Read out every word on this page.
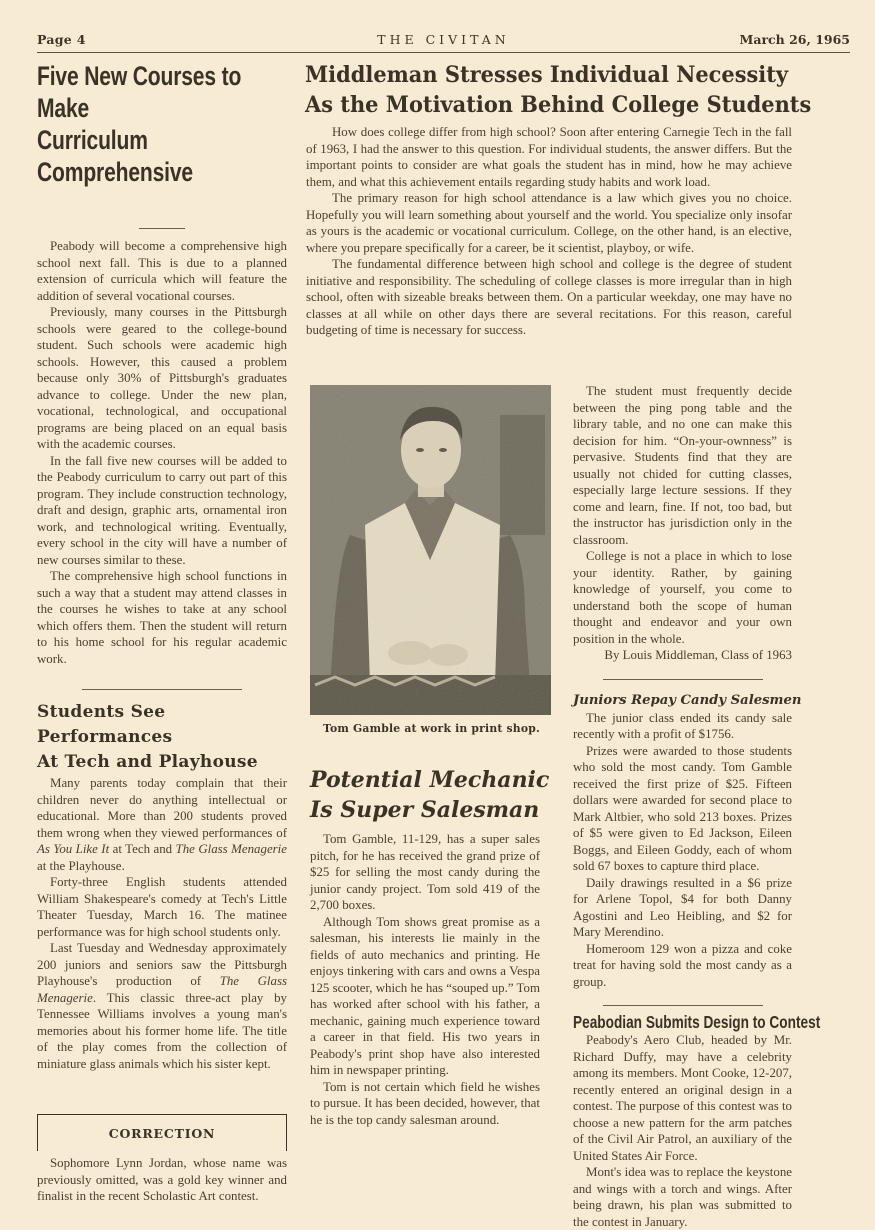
Page 4	THE CIVITAN	March 26, 1965
Five New Courses to Make
Curriculum Comprehensive

Peabody will become a comprehensive high school next fall. This is due to a planned extension of curricula which will feature the addition of several vocational courses.

Previously, many courses in the Pittsburgh schools were geared to the college-bound student. Such schools were academic high schools. However, this caused a problem because only 30% of Pittsburgh's graduates advance to college. Under the new plan, vocational, technological, and occupational programs are being placed on an equal basis with the academic courses.

In the fall five new courses will be added to the Peabody curriculum to carry out part of this program. They include construction technology, draft and design, graphic arts, ornamental iron work, and technological writing. Eventually, every school in the city will have a number of new courses similar to these.

The comprehensive high school functions in such a way that a student may attend classes in the courses he wishes to take at any school which offers them. Then the student will return to his home school for his regular academic work.

Students See Performances
At Tech and Playhouse

Many parents today complain that their children never do anything intellectual or educational. More than 200 students proved them wrong when they viewed performances of As You Like It at Tech and The Glass Menagerie at the Playhouse.

Forty-three English students attended William Shakespeare's comedy at Tech's Little Theater Tuesday, March 16. The matinee performance was for high school students only.

Last Tuesday and Wednesday approximately 200 juniors and seniors saw the Pittsburgh Playhouse's production of The Glass Menagerie. This classic three-act play by Tennessee Williams involves a young man's memories about his former home life. The title of the play comes from the collection of miniature glass animals which his sister kept.

CORRECTION

Sophomore Lynn Jordan, whose name was previously omitted, was a gold key winner and finalist in the recent Scholastic Art contest.

Middleman Stresses Individual Necessity
As the Motivation Behind College Students

How does college differ from high school? Soon after entering Carnegie Tech in the fall of 1963, I had the answer to this question. For individual students, the answer differs. But the important points to consider are what goals the student has in mind, how he may achieve them, and what this achievement entails regarding study habits and work load.

The primary reason for high school attendance is a law which gives you no choice. Hopefully you will learn something about yourself and the world. You specialize only insofar as yours is the academic or vocational curriculum. College, on the other hand, is an elective, where you prepare specifically for a career, be it scientist, playboy, or wife.

The fundamental difference between high school and college is the degree of student initiative and responsibility. The scheduling of college classes is more irregular than in high school, often with sizeable breaks between them. On a particular weekday, one may have no classes at all while on other days there are several recitations. For this reason, careful budgeting of time is necessary for success.

Tom Gamble at work in print shop.
Potential Mechanic
Is Super Salesman

Tom Gamble, 11-129, has a super sales pitch, for he has received the grand prize of $25 for selling the most candy during the junior candy project. Tom sold 419 of the 2,700 boxes.

Although Tom shows great promise as a salesman, his interests lie mainly in the fields of auto mechanics and printing. He enjoys tinkering with cars and owns a Vespa 125 scooter, which he has “souped up.” Tom has worked after school with his father, a mechanic, gaining much experience toward a career in that field. His two years in Peabody's print shop have also interested him in newspaper printing.

Tom is not certain which field he wishes to pursue. It has been decided, however, that he is the top candy salesman around.

The student must frequently decide between the ping pong table and the library table, and no one can make this decision for him. “On-your-ownness” is pervasive. Students find that they are usually not chided for cutting classes, especially large lecture sessions. If they come and learn, fine. If not, too bad, but the instructor has jurisdiction only in the classroom.

College is not a place in which to lose your identity. Rather, by gaining knowledge of yourself, you come to understand both the scope of human thought and endeavor and your own position in the whole.

By Louis Middleman, Class of 1963

Juniors Repay Candy Salesmen

The junior class ended its candy sale recently with a profit of $1756.

Prizes were awarded to those students who sold the most candy. Tom Gamble received the first prize of $25. Fifteen dollars were awarded for second place to Mark Altbier, who sold 213 boxes. Prizes of $5 were given to Ed Jackson, Eileen Boggs, and Eileen Goddy, each of whom sold 67 boxes to capture third place.

Daily drawings resulted in a $6 prize for Arlene Topol, $4 for both Danny Agostini and Leo Heibling, and $2 for Mary Merendino.

Homeroom 129 won a pizza and coke treat for having sold the most candy as a group.

Peabodian Submits Design to Contest

Peabody's Aero Club, headed by Mr. Richard Duffy, may have a celebrity among its members. Mont Cooke, 12-207, recently entered an original design in a contest. The purpose of this contest was to choose a new pattern for the arm patches of the Civil Air Patrol, an auxiliary of the United States Air Force.

Mont's idea was to replace the keystone and wings with a torch and wings. After being drawn, his plan was submitted to the contest in January.
